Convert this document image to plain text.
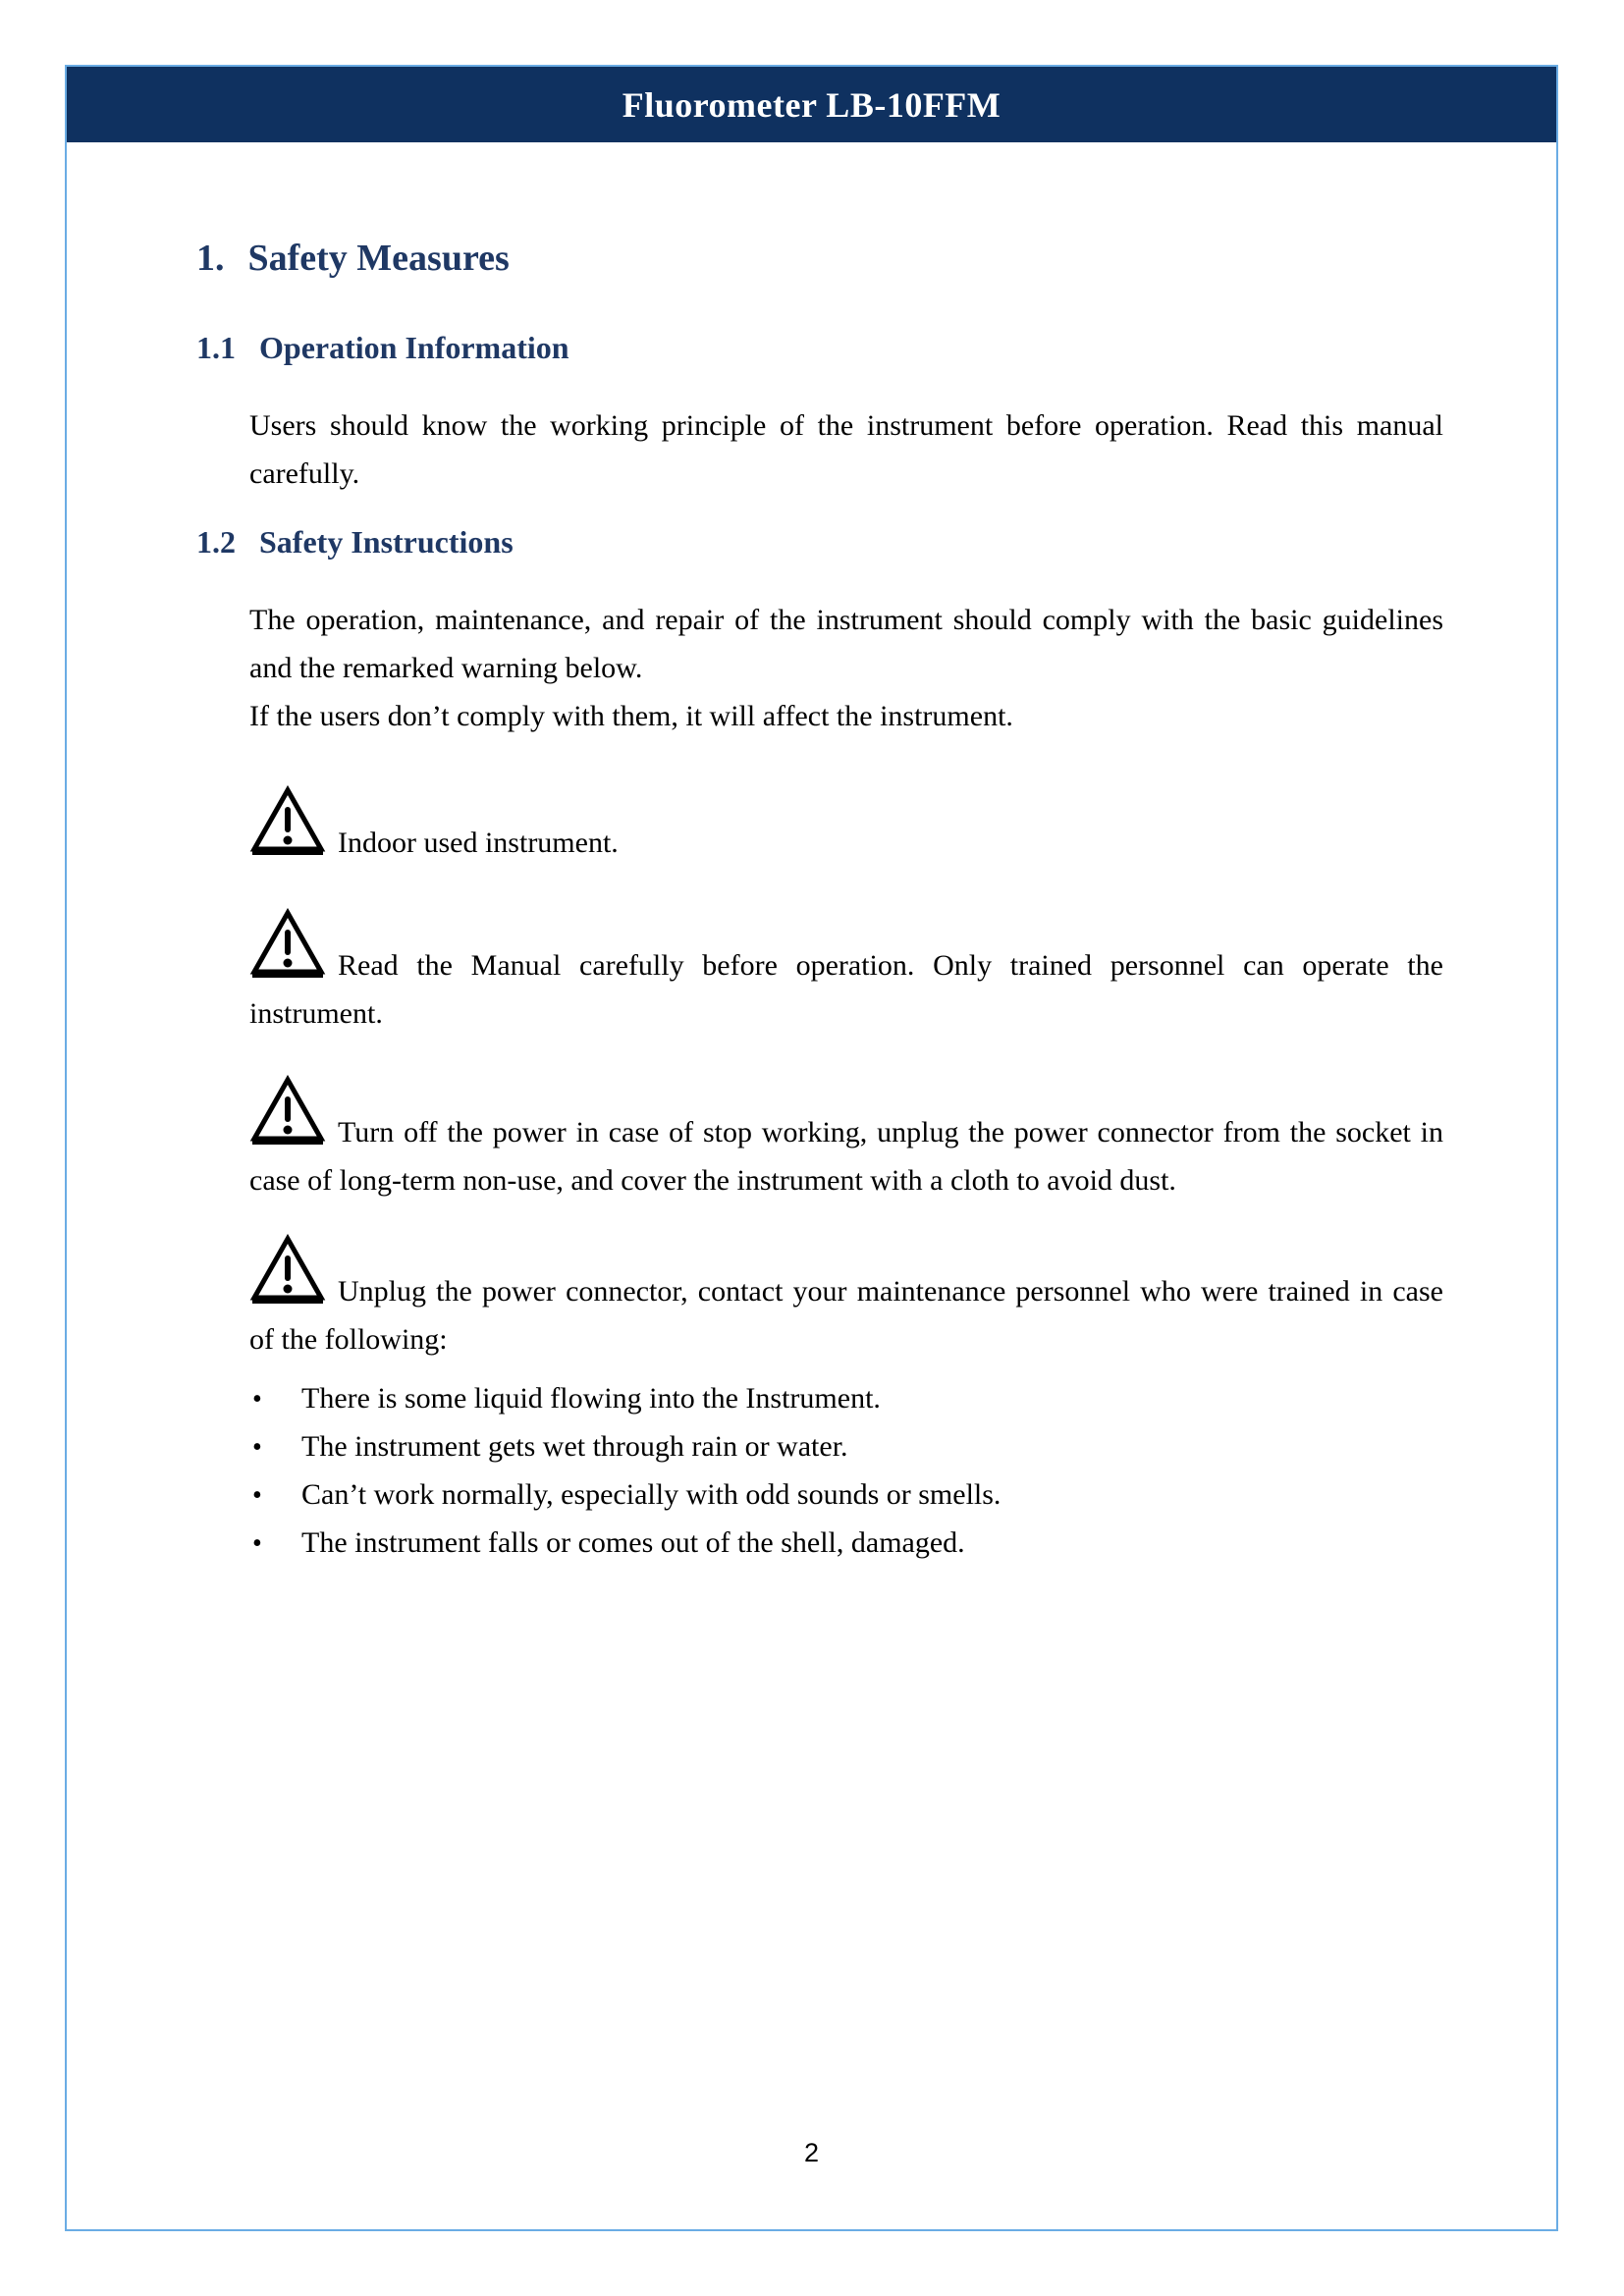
Fluorometer LB-10FFM
1. Safety Measures
1.1 Operation Information

Users should know the working principle of the instrument before operation. Read this manual carefully.

1.2 Safety Instructions
The operation, maintenance, and repair of the instrument should comply with the basic guidelines and the remarked warning below.
If the users don’t comply with them, it will affect the instrument.

Indoor used instrument.

Read the Manual carefully before operation. Only trained personnel can operate the instrument.

Turn off the power in case of stop working, unplug the power connector from the socket in case of long-term non-use, and cover the instrument with a cloth to avoid dust.

Unplug the power connector, contact your maintenance personnel who were trained in case of the following:

• There is some liquid flowing into the Instrument.
• The instrument gets wet through rain or water.
• Can’t work normally, especially with odd sounds or smells.
• The instrument falls or comes out of the shell, damaged.
2
